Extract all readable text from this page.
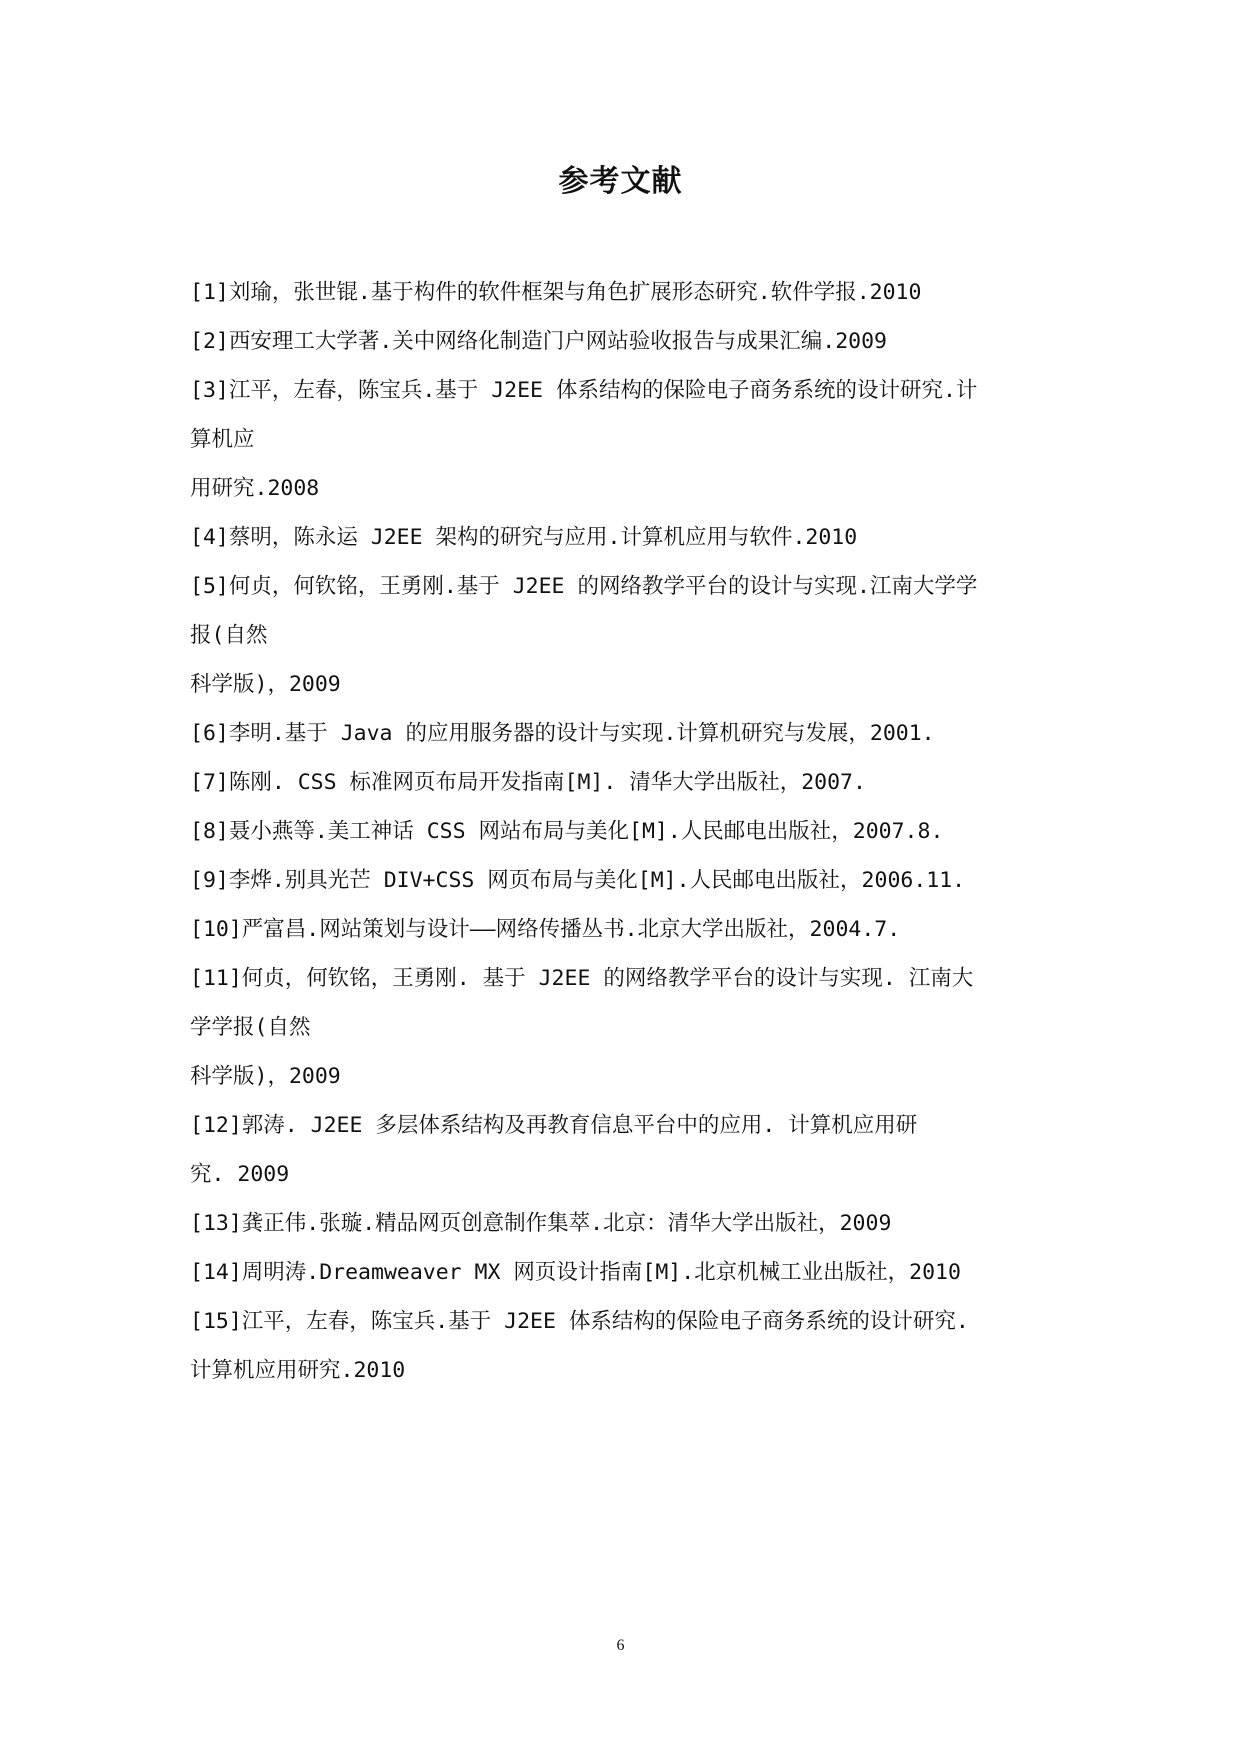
参考文献
[1]刘瑜，张世锟.基于构件的软件框架与角色扩展形态研究.软件学报.2010
[2]西安理工大学著.关中网络化制造门户网站验收报告与成果汇编.2009
[3]江平，左春，陈宝兵.基于 J2EE 体系结构的保险电子商务系统的设计研究.计
算机应
用研究.2008
[4]蔡明，陈永运 J2EE 架构的研究与应用.计算机应用与软件.2010
[5]何贞，何钦铭，王勇刚.基于 J2EE 的网络教学平台的设计与实现.江南大学学
报(自然
科学版)，2009
[6]李明.基于 Java 的应用服务器的设计与实现.计算机研究与发展，2001.
[7]陈刚. CSS 标准网页布局开发指南[M]. 清华大学出版社，2007.
[8]聂小燕等.美工神话 CSS 网站布局与美化[M].人民邮电出版社，2007.8.
[9]李烨.别具光芒 DIV+CSS 网页布局与美化[M].人民邮电出版社，2006.11.
[10]严富昌.网站策划与设计——网络传播丛书.北京大学出版社，2004.7.
[11]何贞，何钦铭，王勇刚. 基于 J2EE 的网络教学平台的设计与实现. 江南大
学学报(自然
科学版)，2009
[12]郭涛. J2EE 多层体系结构及再教育信息平台中的应用. 计算机应用研
究. 2009
[13]龚正伟.张璇.精品网页创意制作集萃.北京：清华大学出版社，2009
[14]周明涛.Dreamweaver MX 网页设计指南[M].北京机械工业出版社，2010
[15]江平，左春，陈宝兵.基于 J2EE 体系结构的保险电子商务系统的设计研究.
计算机应用研究.2010
6
